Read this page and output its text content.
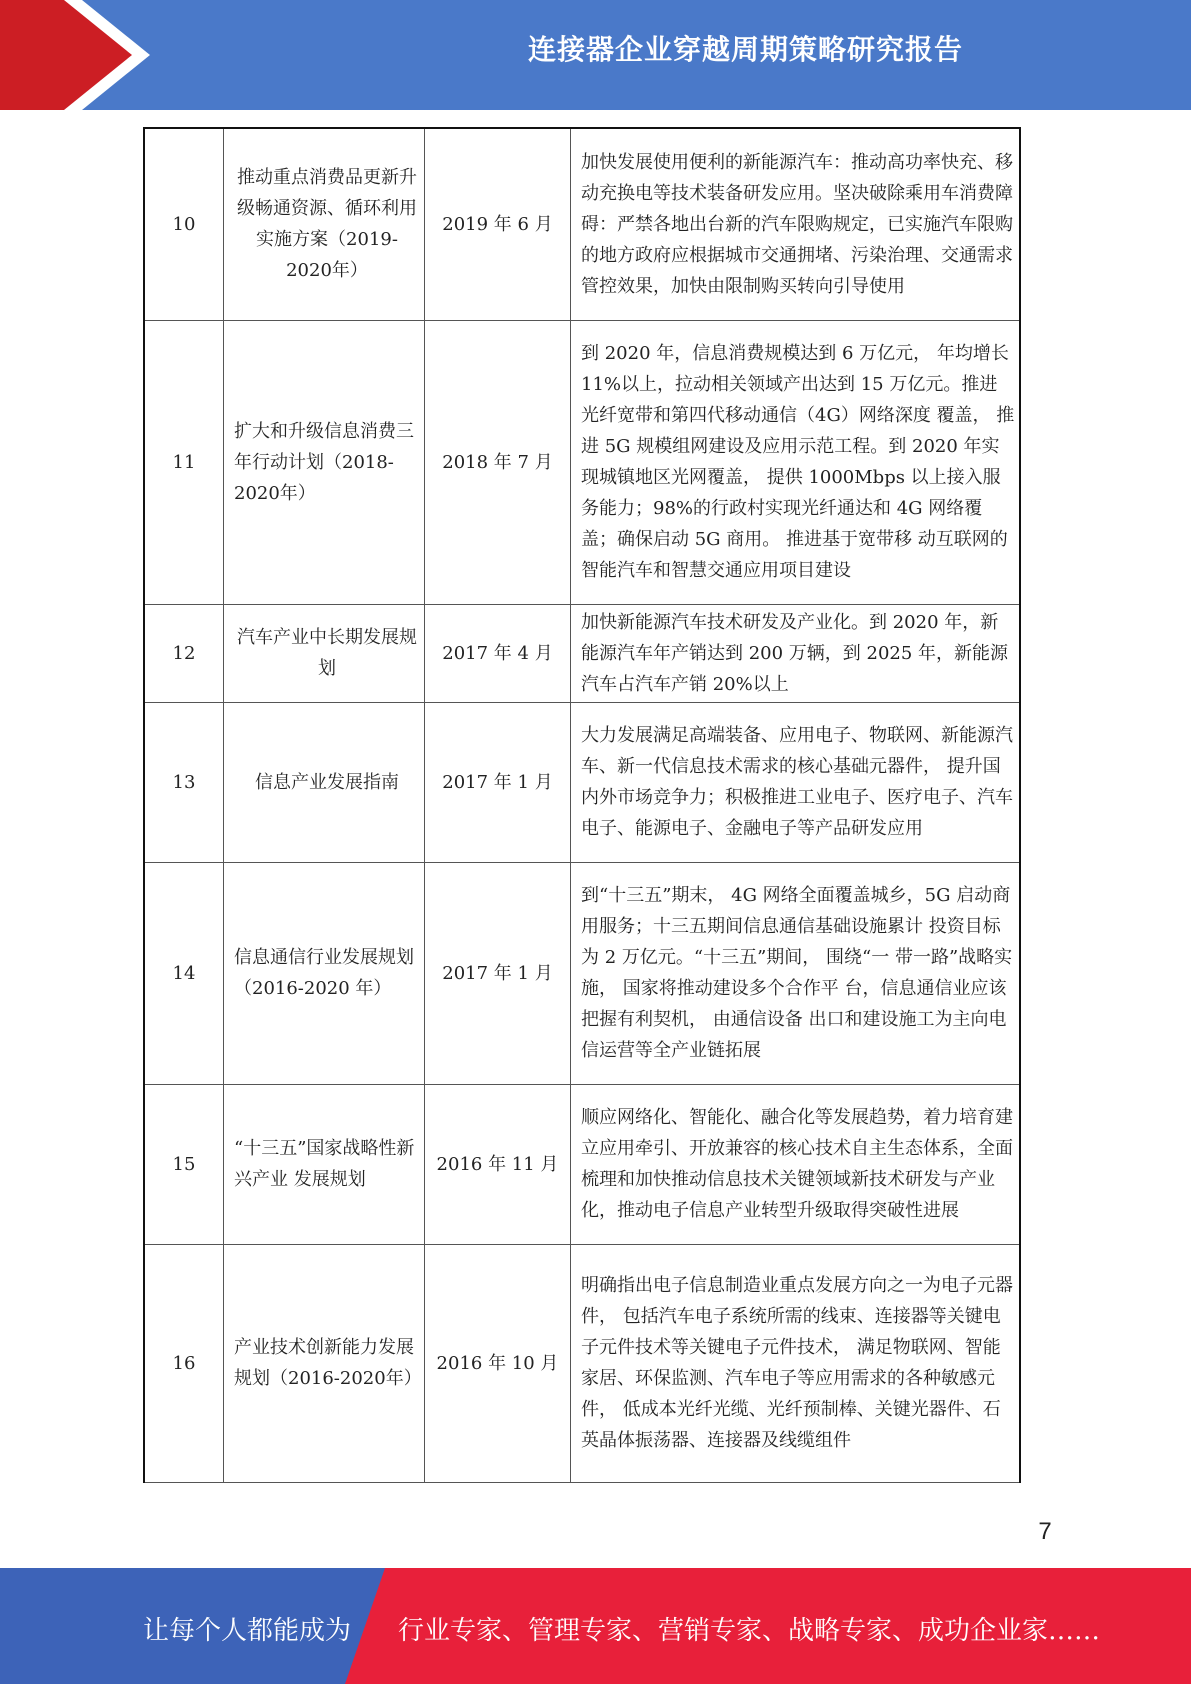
连接器企业穿越周期策略研究报告
10	推动重点消费品更新升级畅通资源、循环利用实施方案（2019-2020年）	2019 年 6 月	加快发展使用便利的新能源汽车：推动高功率快充、移动充换电等技术装备研发应用。坚决破除乘用车消费障碍：严禁各地出台新的汽车限购规定，已实施汽车限购的地方政府应根据城市交通拥堵、污染治理、交通需求管控效果，加快由限制购买转向引导使用
11	扩大和升级信息消费三年行动计划（2018-2020年）	2018 年 7 月	到 2020 年，信息消费规模达到 6 万亿元， 年均增长 11%以上，拉动相关领域产出达到 15 万亿元。推进光纤宽带和第四代移动通信（4G）网络深度 覆盖， 推进 5G 规模组网建设及应用示范工程。到 2020 年实现城镇地区光网覆盖， 提供 1000Mbps 以上接入服务能力；98%的行政村实现光纤通达和 4G 网络覆盖；确保启动 5G 商用。 推进基于宽带移 动互联网的智能汽车和智慧交通应用项目建设
12	汽车产业中长期发展规划	2017 年 4 月	加快新能源汽车技术研发及产业化。到 2020 年，新能源汽车年产销达到 200 万辆，到 2025 年，新能源汽车占汽车产销 20%以上
13	信息产业发展指南	2017 年 1 月	大力发展满足高端装备、应用电子、物联网、新能源汽车、新一代信息技术需求的核心基础元器件， 提升国内外市场竞争力；积极推进工业电子、医疗电子、汽车电子、能源电子、金融电子等产品研发应用
14	信息通信行业发展规划（2016-2020 年）	2017 年 1 月	到“十三五”期末， 4G 网络全面覆盖城乡，5G 启动商用服务；十三五期间信息通信基础设施累计 投资目标为 2 万亿元。“十三五”期间， 围绕“一 带一路”战略实施， 国家将推动建设多个合作平 台，信息通信业应该把握有利契机， 由通信设备 出口和建设施工为主向电信运营等全产业链拓展
15	“十三五”国家战略性新 兴产业 发展规划	2016 年 11 月	顺应网络化、智能化、融合化等发展趋势，着力培育建立应用牵引、开放兼容的核心技术自主生态体系，全面梳理和加快推动信息技术关键领域新技术研发与产业化，推动电子信息产业转型升级取得突破性进展
16	产业技术创新能力发展规划（2016-2020年）	2016 年 10 月	明确指出电子信息制造业重点发展方向之一为电子元器件， 包括汽车电子系统所需的线束、连接器等关键电子元件技术等关键电子元件技术， 满足物联网、智能家居、环保监测、汽车电子等应用需求的各种敏感元件， 低成本光纤光缆、光纤预制棒、关键光器件、石英晶体振荡器、连接器及线缆组件
7
让每个人都能成为 行业专家、管理专家、营销专家、战略专家、成功企业家……
